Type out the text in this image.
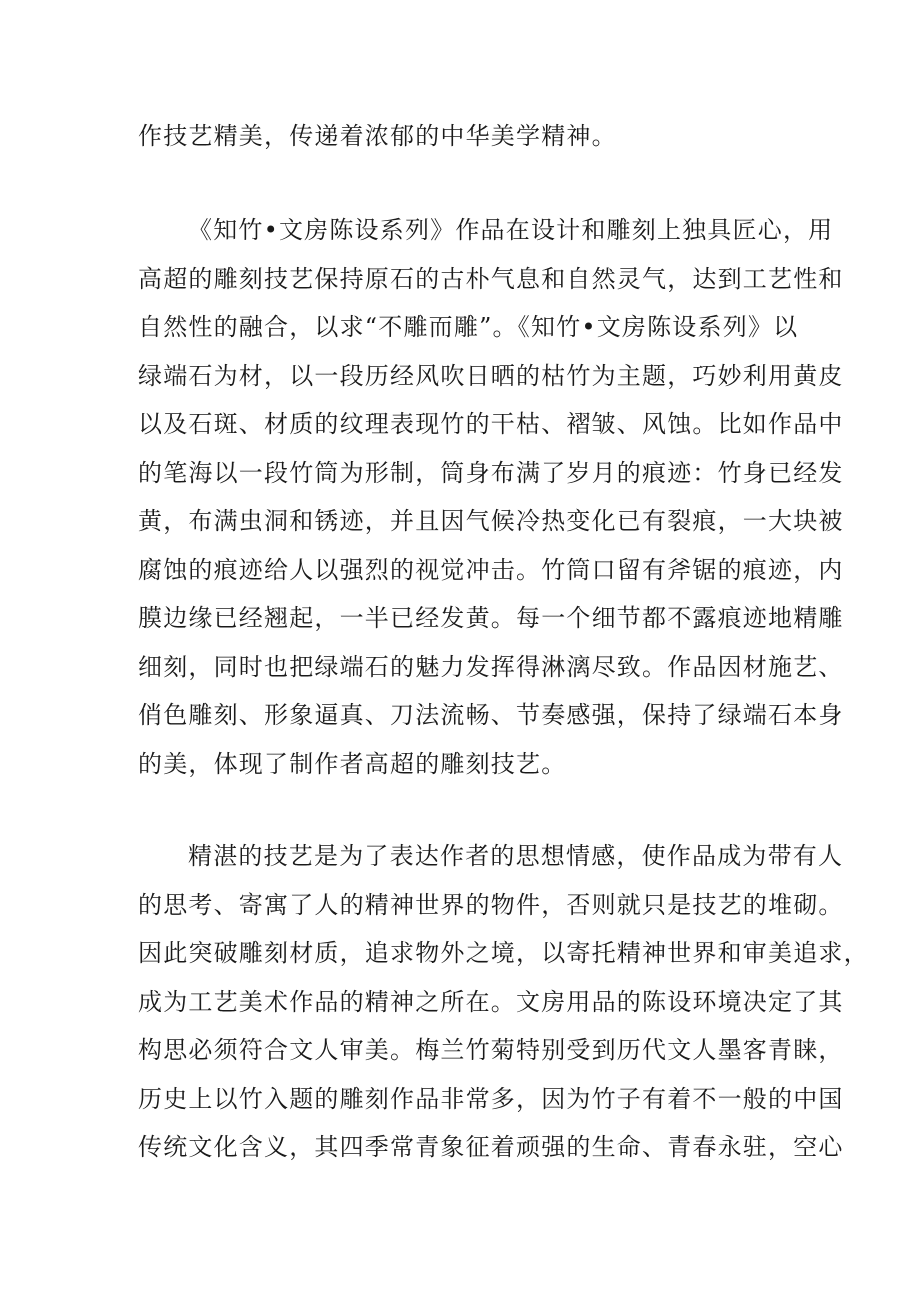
作技艺精美，传递着浓郁的中华美学精神。
《知竹•文房陈设系列》作品在设计和雕刻上独具匠心，用
高超的雕刻技艺保持原石的古朴气息和自然灵气，达到工艺性和
自然性的融合，以求“不雕而雕”。《知竹•文房陈设系列》以
绿端石为材，以一段历经风吹日晒的枯竹为主题，巧妙利用黄皮
以及石斑、材质的纹理表现竹的干枯、褶皱、风蚀。比如作品中
的笔海以一段竹筒为形制，筒身布满了岁月的痕迹：竹身已经发
黄，布满虫洞和锈迹，并且因气候冷热变化已有裂痕，一大块被
腐蚀的痕迹给人以强烈的视觉冲击。竹筒口留有斧锯的痕迹，内
膜边缘已经翘起，一半已经发黄。每一个细节都不露痕迹地精雕
细刻，同时也把绿端石的魅力发挥得淋漓尽致。作品因材施艺、
俏色雕刻、形象逼真、刀法流畅、节奏感强，保持了绿端石本身
的美，体现了制作者高超的雕刻技艺。
精湛的技艺是为了表达作者的思想情感，使作品成为带有人
的思考、寄寓了人的精神世界的物件，否则就只是技艺的堆砌。
因此突破雕刻材质，追求物外之境，以寄托精神世界和审美追求，
成为工艺美术作品的精神之所在。文房用品的陈设环境决定了其
构思必须符合文人审美。梅兰竹菊特别受到历代文人墨客青睐，
历史上以竹入题的雕刻作品非常多，因为竹子有着不一般的中国
传统文化含义，其四季常青象征着顽强的生命、青春永驻，空心
